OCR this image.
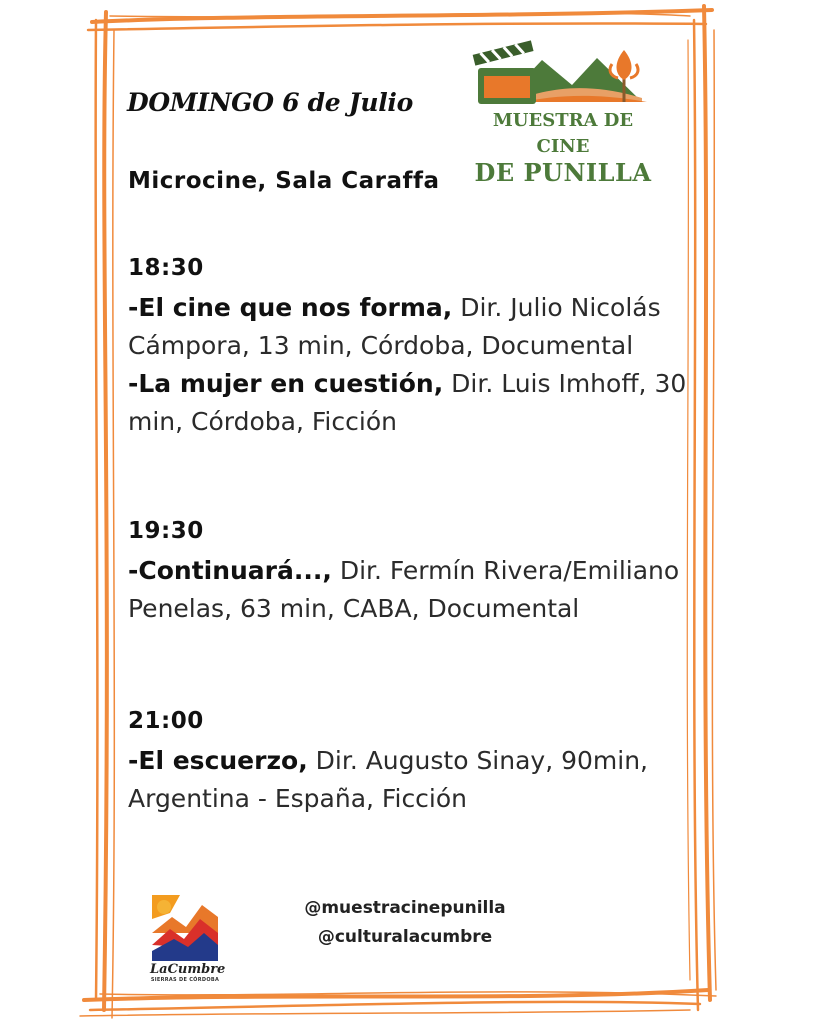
DOMINGO 6 de Julio
MUESTRA DE CINE
DE PUNILLA
Microcine, Sala Caraffa
18:30
-El cine que nos forma, Dir. Julio Nicolás Cámpora, 13 min, Córdoba, Documental
-La mujer en cuestión, Dir. Luis Imhoff, 30 min, Córdoba, Ficción
19:30
-Continuará..., Dir. Fermín Rivera/Emiliano Penelas, 63 min, CABA, Documental
21:00
-El escuerzo, Dir. Augusto Sinay, 90min, Argentina - España, Ficción
LaCumbre
SIERRAS DE CÓRDOBA
@muestracinepunilla
@culturalacumbre
